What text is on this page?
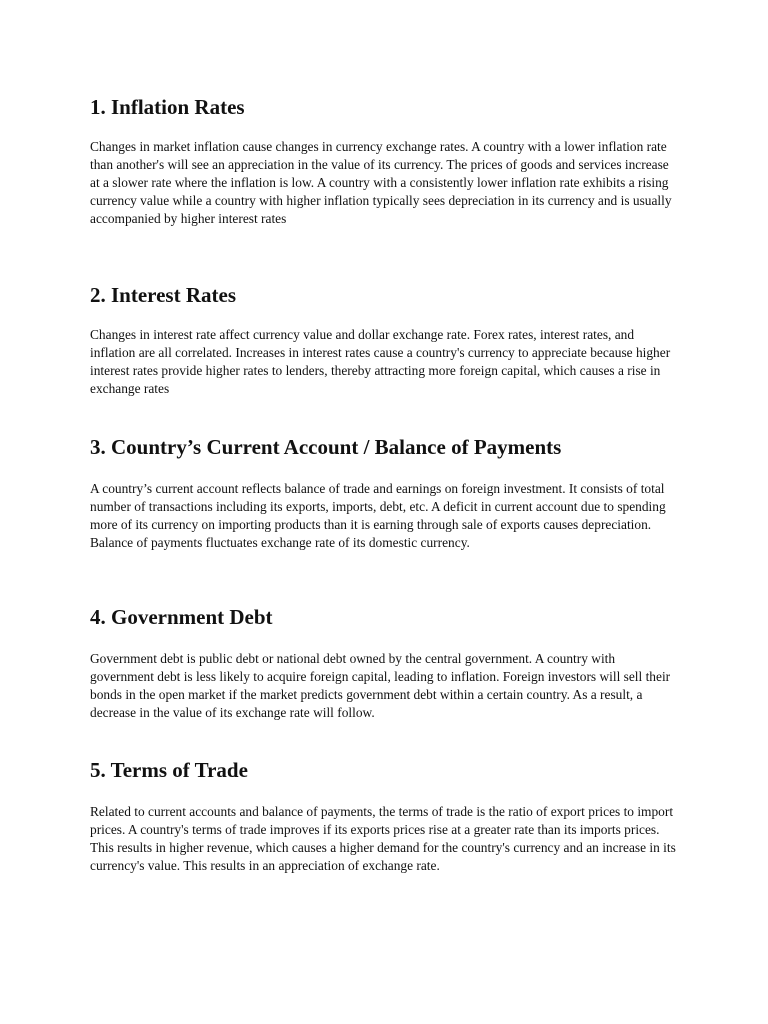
1. Inflation Rates

Changes in market inflation cause changes in currency exchange rates. A country with a lower inflation rate than another's will see an appreciation in the value of its currency. The prices of goods and services increase at a slower rate where the inflation is low. A country with a consistently lower inflation rate exhibits a rising currency value while a country with higher inflation typically sees depreciation in its currency and is usually accompanied by higher interest rates

2. Interest Rates

Changes in interest rate affect currency value and dollar exchange rate. Forex rates, interest rates, and inflation are all correlated. Increases in interest rates cause a country's currency to appreciate because higher interest rates provide higher rates to lenders, thereby attracting more foreign capital, which causes a rise in exchange rates

3. Country’s Current Account / Balance of Payments

A country’s current account reflects balance of trade and earnings on foreign investment. It consists of total number of transactions including its exports, imports, debt, etc. A deficit in current account due to spending more of its currency on importing products than it is earning through sale of exports causes depreciation. Balance of payments fluctuates exchange rate of its domestic currency.

4. Government Debt

Government debt is public debt or national debt owned by the central government. A country with government debt is less likely to acquire foreign capital, leading to inflation. Foreign investors will sell their bonds in the open market if the market predicts government debt within a certain country. As a result, a decrease in the value of its exchange rate will follow.

5. Terms of Trade

Related to current accounts and balance of payments, the terms of trade is the ratio of export prices to import prices. A country's terms of trade improves if its exports prices rise at a greater rate than its imports prices. This results in higher revenue, which causes a higher demand for the country's currency and an increase in its currency's value. This results in an appreciation of exchange rate.
